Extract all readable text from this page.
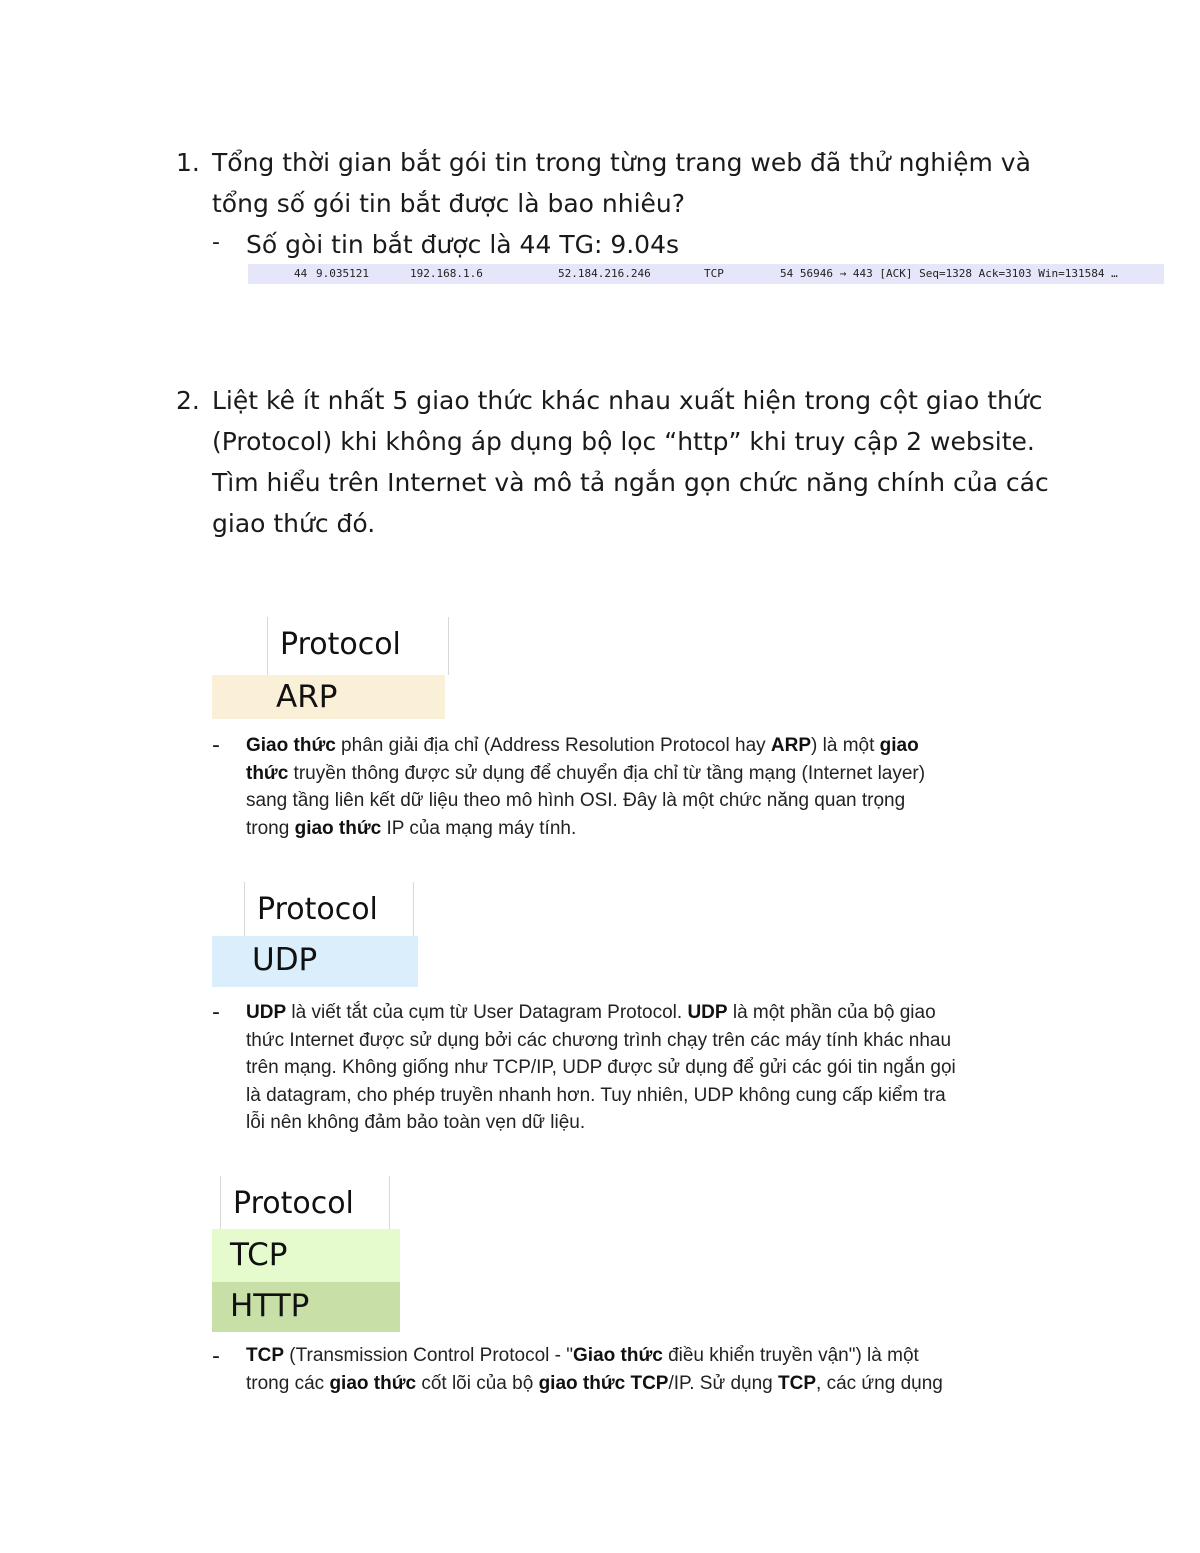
1. Tổng thời gian bắt gói tin trong từng trang web đã thử nghiệm và
tổng số gói tin bắt được là bao nhiêu?
- Số gòi tin bắt được là 44 TG: 9.04s
44 9.035121	192.168.1.6	52.184.216.246	TCP	54 56946 → 443 [ACK] Seq=1328 Ack=3103 Win=131584 …
2. Liệt kê ít nhất 5 giao thức khác nhau xuất hiện trong cột giao thức
(Protocol) khi không áp dụng bộ lọc “http” khi truy cập 2 website.
Tìm hiểu trên Internet và mô tả ngắn gọn chức năng chính của các
giao thức đó.
Protocol
ARP
- Giao thức phân giải địa chỉ (Address Resolution Protocol hay ARP) là một giao
thức truyền thông được sử dụng để chuyển địa chỉ từ tầng mạng (Internet layer)
sang tầng liên kết dữ liệu theo mô hình OSI. Đây là một chức năng quan trọng
trong giao thức IP của mạng máy tính.
Protocol
UDP
- UDP là viết tắt của cụm từ User Datagram Protocol. UDP là một phần của bộ giao
thức Internet được sử dụng bởi các chương trình chạy trên các máy tính khác nhau
trên mạng. Không giống như TCP/IP, UDP được sử dụng để gửi các gói tin ngắn gọi
là datagram, cho phép truyền nhanh hơn. Tuy nhiên, UDP không cung cấp kiểm tra
lỗi nên không đảm bảo toàn vẹn dữ liệu.
Protocol
TCP
HTTP
- TCP (Transmission Control Protocol - "Giao thức điều khiển truyền vận") là một
trong các giao thức cốt lõi của bộ giao thức TCP/IP. Sử dụng TCP, các ứng dụng
